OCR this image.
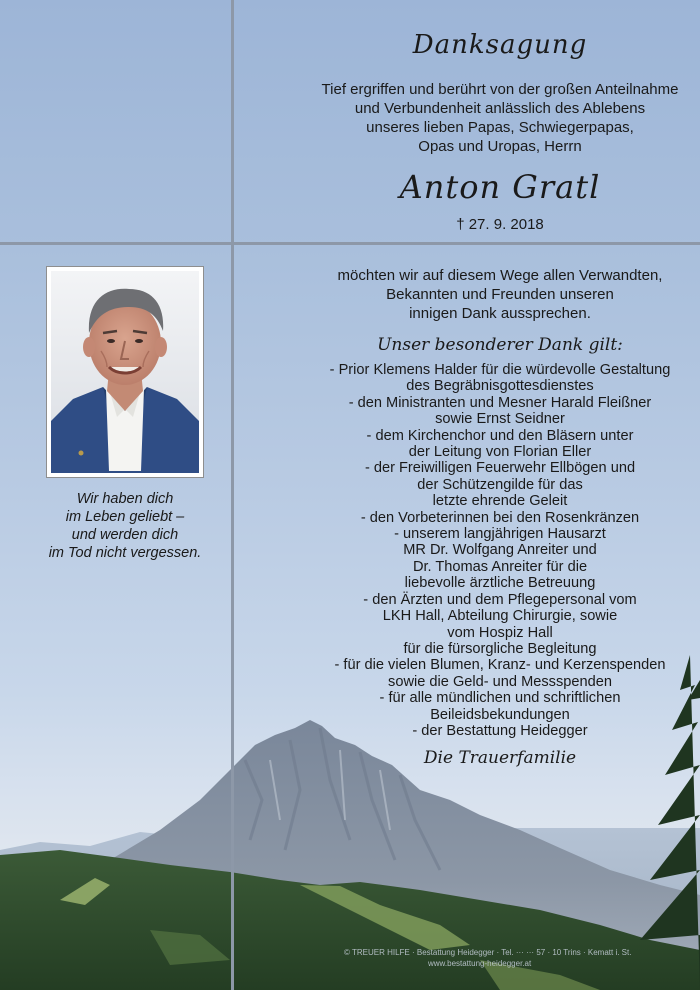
Danksagung
Tief ergriffen und berührt von der großen Anteilnahme
und Verbundenheit anlässlich des Ablebens
unseres lieben Papas, Schwiegerpapas,
Opas und Uropas, Herrn
Anton Gratl
† 27. 9. 2018
möchten wir auf diesem Wege allen Verwandten,
Bekannten und Freunden unseren
innigen Dank aussprechen.
Unser besonderer Dank gilt:
- Prior Klemens Halder für die würdevolle Gestaltung
des Begräbnisgottesdienstes
- den Ministranten und Mesner Harald Fleißner
sowie Ernst Seidner
- dem Kirchenchor und den Bläsern unter
der Leitung von Florian Eller
- der Freiwilligen Feuerwehr Ellbögen und
der Schützengilde für das
letzte ehrende Geleit
- den Vorbeterinnen bei den Rosenkränzen
- unserem langjährigen Hausarzt
MR Dr. Wolfgang Anreiter und
Dr. Thomas Anreiter für die
liebevolle ärztliche Betreuung
- den Ärzten und dem Pflegepersonal vom
LKH Hall, Abteilung Chirurgie, sowie
vom Hospiz Hall
für die fürsorgliche Begleitung
- für die vielen Blumen, Kranz- und Kerzenspenden
sowie die Geld- und Messspenden
- für alle mündlichen und schriftlichen
Beileidsbekundungen
- der Bestattung Heidegger
Die Trauerfamilie
Wir haben dich
im Leben geliebt –
und werden dich
im Tod nicht vergessen.
© TREUER HILFE · Bestattung Heidegger · Tel. ··· ··· 57 · 10 Trins · Kematt i. St.
www.bestattung-heidegger.at
